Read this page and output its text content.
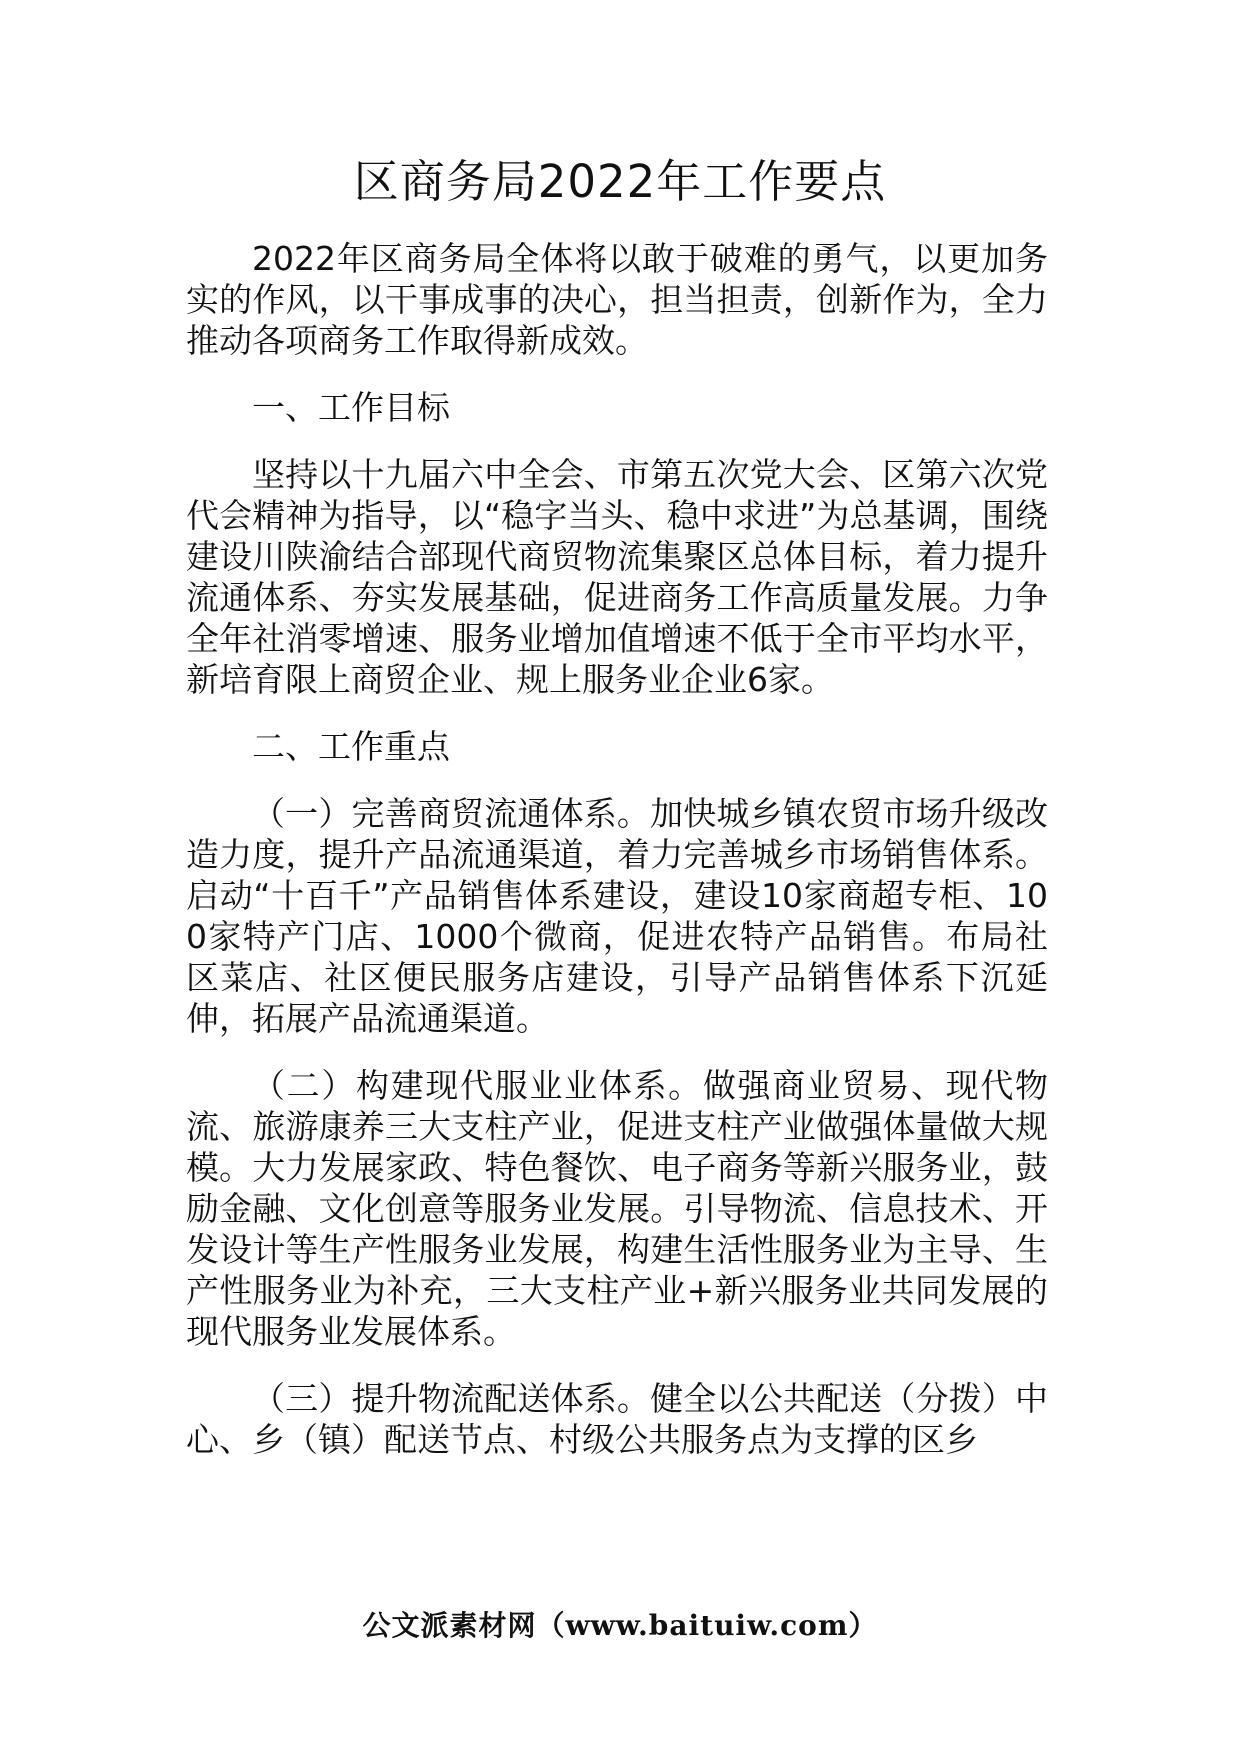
区商务局2022年工作要点

2022年区商务局全体将以敢于破难的勇气，以更加务实的作风，以干事成事的决心，担当担责，创新作为，全力推动各项商务工作取得新成效。

一、工作目标

坚持以十九届六中全会、市第五次党大会、区第六次党代会精神为指导，以“稳字当头、稳中求进”为总基调，围绕建设川陕渝结合部现代商贸物流集聚区总体目标，着力提升流通体系、夯实发展基础，促进商务工作高质量发展。力争全年社消零增速、服务业增加值增速不低于全市平均水平，新培育限上商贸企业、规上服务业企业6家。

二、工作重点

（一）完善商贸流通体系。加快城乡镇农贸市场升级改造力度，提升产品流通渠道，着力完善城乡市场销售体系。启动“十百千”产品销售体系建设，建设10家商超专柜、100家特产门店、1000个微商，促进农特产品销售。布局社区菜店、社区便民服务店建设，引导产品销售体系下沉延伸，拓展产品流通渠道。

（二）构建现代服业业体系。做强商业贸易、现代物流、旅游康养三大支柱产业，促进支柱产业做强体量做大规模。大力发展家政、特色餐饮、电子商务等新兴服务业，鼓励金融、文化创意等服务业发展。引导物流、信息技术、开发设计等生产性服务业发展，构建生活性服务业为主导、生产性服务业为补充，三大支柱产业+新兴服务业共同发展的现代服务业发展体系。

（三）提升物流配送体系。健全以公共配送（分拨）中心、乡（镇）配送节点、村级公共服务点为支撑的区乡

公文派素材网（www.baituiw.com）
